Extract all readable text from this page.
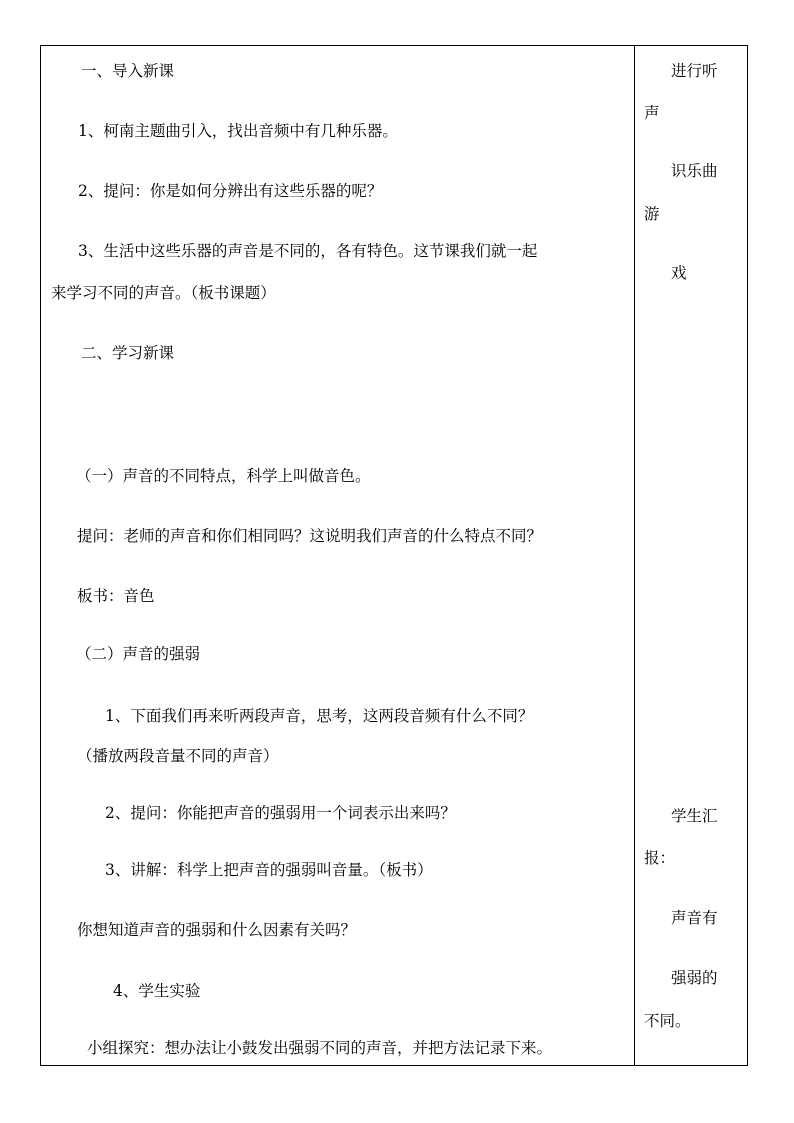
一、导入新课
1、柯南主题曲引入，找出音频中有几种乐器。
2、提问：你是如何分辨出有这些乐器的呢？
3、生活中这些乐器的声音是不同的，各有特色。这节课我们就一起
来学习不同的声音。（板书课题）
二、学习新课
（一）声音的不同特点，科学上叫做音色。
提问：老师的声音和你们相同吗？这说明我们声音的什么特点不同？
板书：音色
（二）声音的强弱
1、下面我们再来听两段声音，思考，这两段音频有什么不同？
（播放两段音量不同的声音）
2、提问：你能把声音的强弱用一个词表示出来吗？
3、讲解：科学上把声音的强弱叫音量。（板书）
你想知道声音的强弱和什么因素有关吗？
4、学生实验
小组探究：想办法让小鼓发出强弱不同的声音，并把方法记录下来。
进行听
声
识乐曲
游
戏
学生汇
报：
声音有
强弱的
不同。
